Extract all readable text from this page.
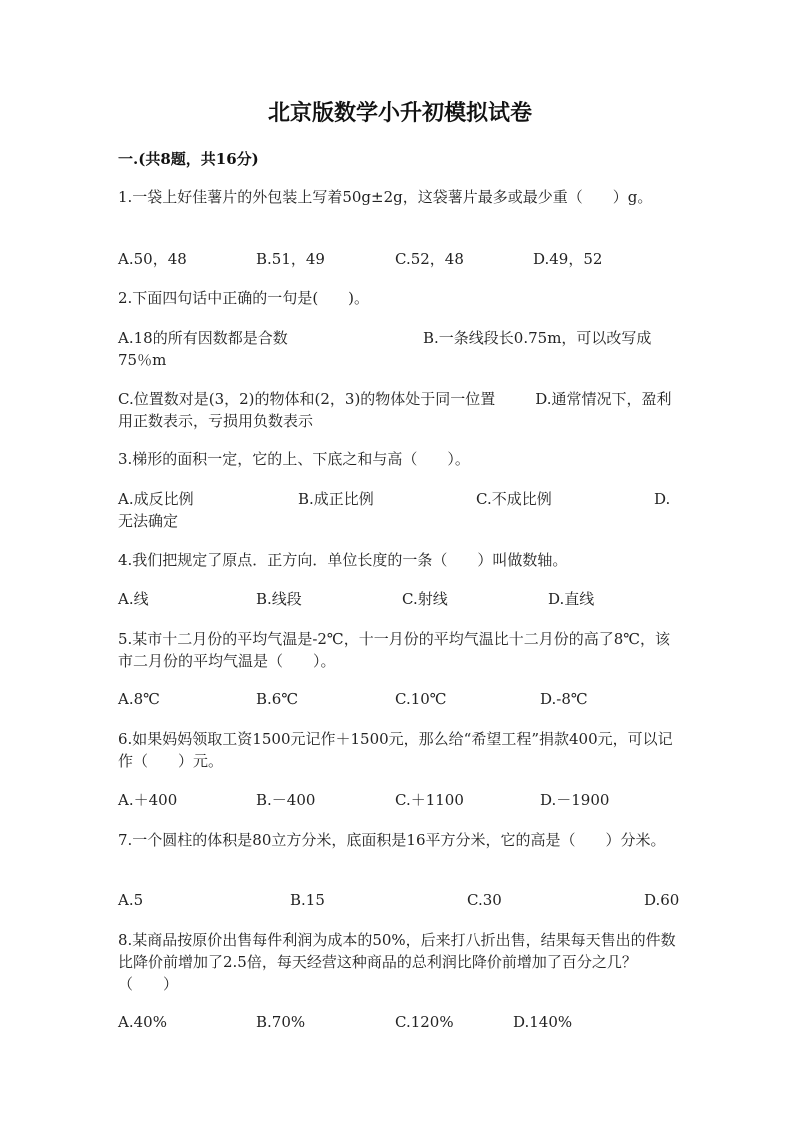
北京版数学小升初模拟试卷
一.(共8题，共16分)
1.一袋上好佳薯片的外包装上写着50g±2g，这袋薯片最多或最少重（　　）g。
A.50，48	B.51，49	C.52，48	D.49，52
2.下面四句话中正确的一句是(　　)。
A.18的所有因数都是合数	B.一条线段长0.75m，可以改写成75％m
C.位置数对是(3，2)的物体和(2，3)的物体处于同一位置	D.通常情况下，盈利用正数表示，亏损用负数表示
3.梯形的面积一定，它的上、下底之和与高（　　）。
A.成反比例	B.成正比例	C.不成比例	D.无法确定
4.我们把规定了原点．正方向．单位长度的一条（　　）叫做数轴。
A.线	B.线段	C.射线	D.直线
5.某市十二月份的平均气温是-2℃，十一月份的平均气温比十二月份的高了8℃，该市二月份的平均气温是（　　）。
A.8℃	B.6℃	C.10℃	D.-8℃
6.如果妈妈领取工资1500元记作＋1500元，那么给“希望工程”捐款400元，可以记作（　　）元。
A.＋400	B.－400	C.＋1100	D.－1900
7.一个圆柱的体积是80立方分米，底面积是16平方分米，它的高是（　　）分米。
A.5	B.15	C.30	D.60
8.某商品按原价出售每件利润为成本的50%，后来打八折出售，结果每天售出的件数比降价前增加了2.5倍，每天经营这种商品的总利润比降价前增加了百分之几？（　　）
A.40%	B.70%	C.120%	D.140%
